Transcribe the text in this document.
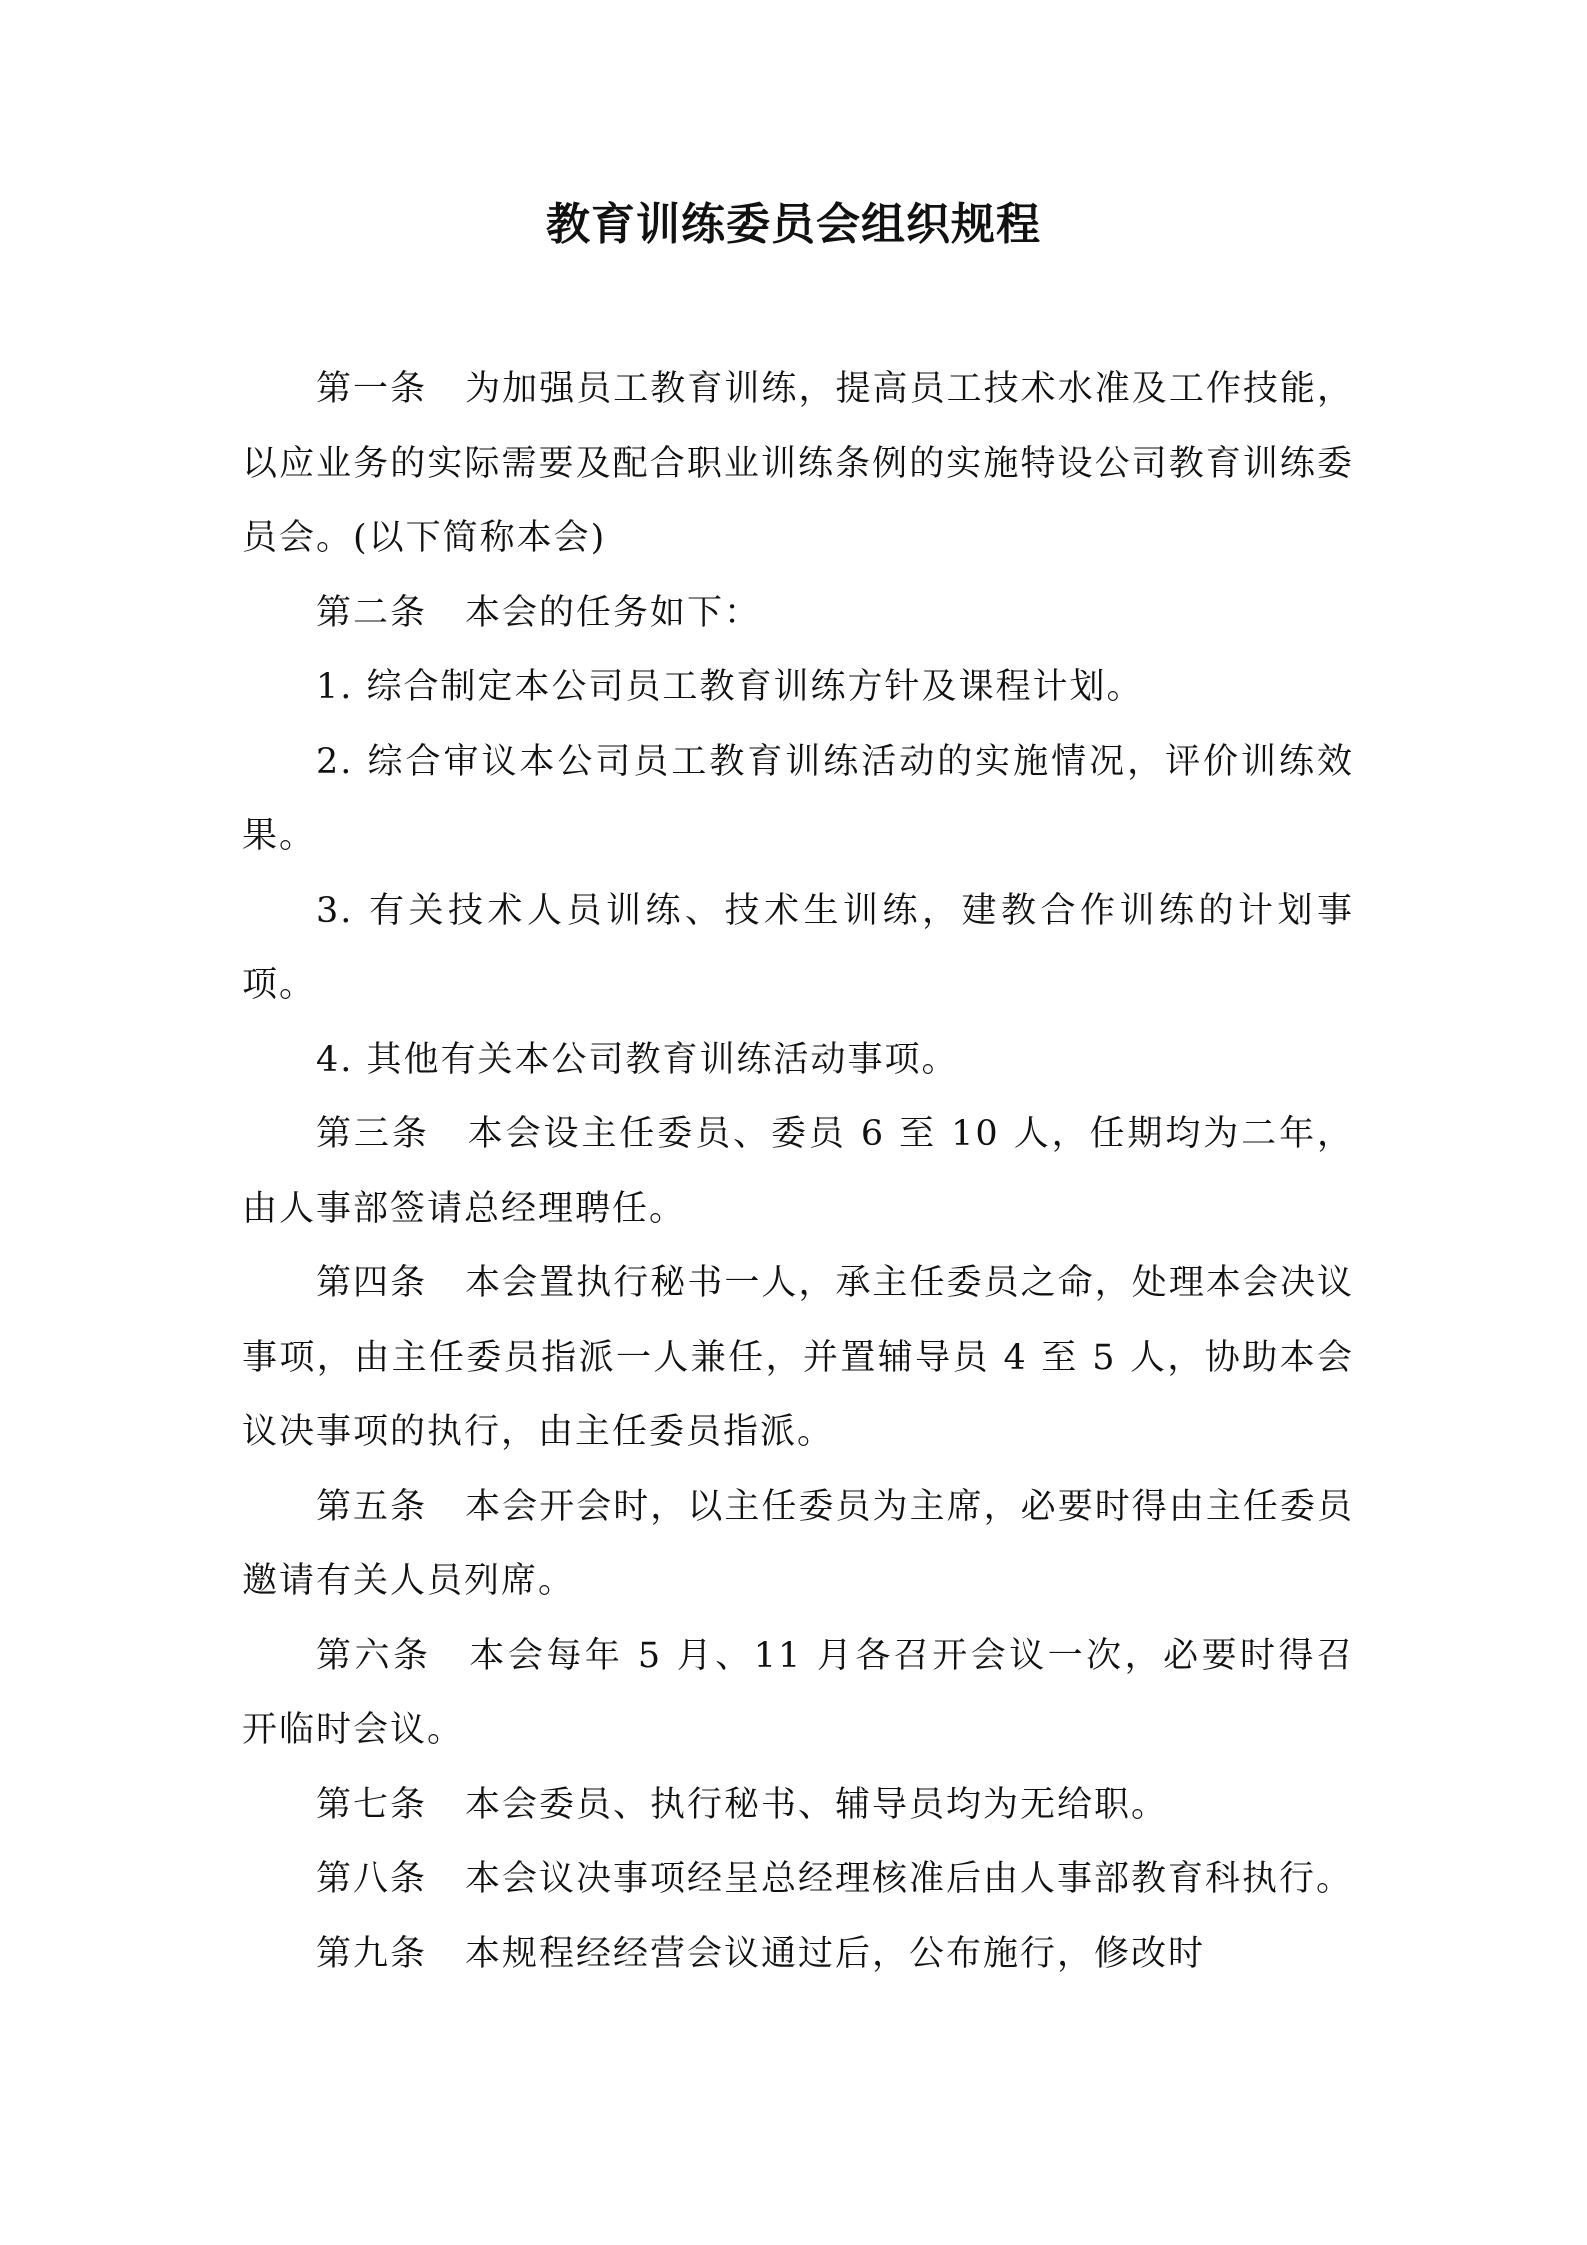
教育训练委员会组织规程

第一条 为加强员工教育训练，提高员工技术水准及工作技能，以应业务的实际需要及配合职业训练条例的实施特设公司教育训练委员会。(以下简称本会)

第二条 本会的任务如下：

1. 综合制定本公司员工教育训练方针及课程计划。

2. 综合审议本公司员工教育训练活动的实施情况，评价训练效果。

3. 有关技术人员训练、技术生训练，建教合作训练的计划事项。

4. 其他有关本公司教育训练活动事项。

第三条 本会设主任委员、委员 6 至 10 人，任期均为二年，由人事部签请总经理聘任。

第四条 本会置执行秘书一人，承主任委员之命，处理本会决议事项，由主任委员指派一人兼任，并置辅导员 4 至 5 人，协助本会议决事项的执行，由主任委员指派。

第五条 本会开会时，以主任委员为主席，必要时得由主任委员邀请有关人员列席。

第六条 本会每年 5 月、11 月各召开会议一次，必要时得召开临时会议。

第七条 本会委员、执行秘书、辅导员均为无给职。

第八条 本会议决事项经呈总经理核准后由人事部教育科执行。

第九条 本规程经经营会议通过后，公布施行，修改时
